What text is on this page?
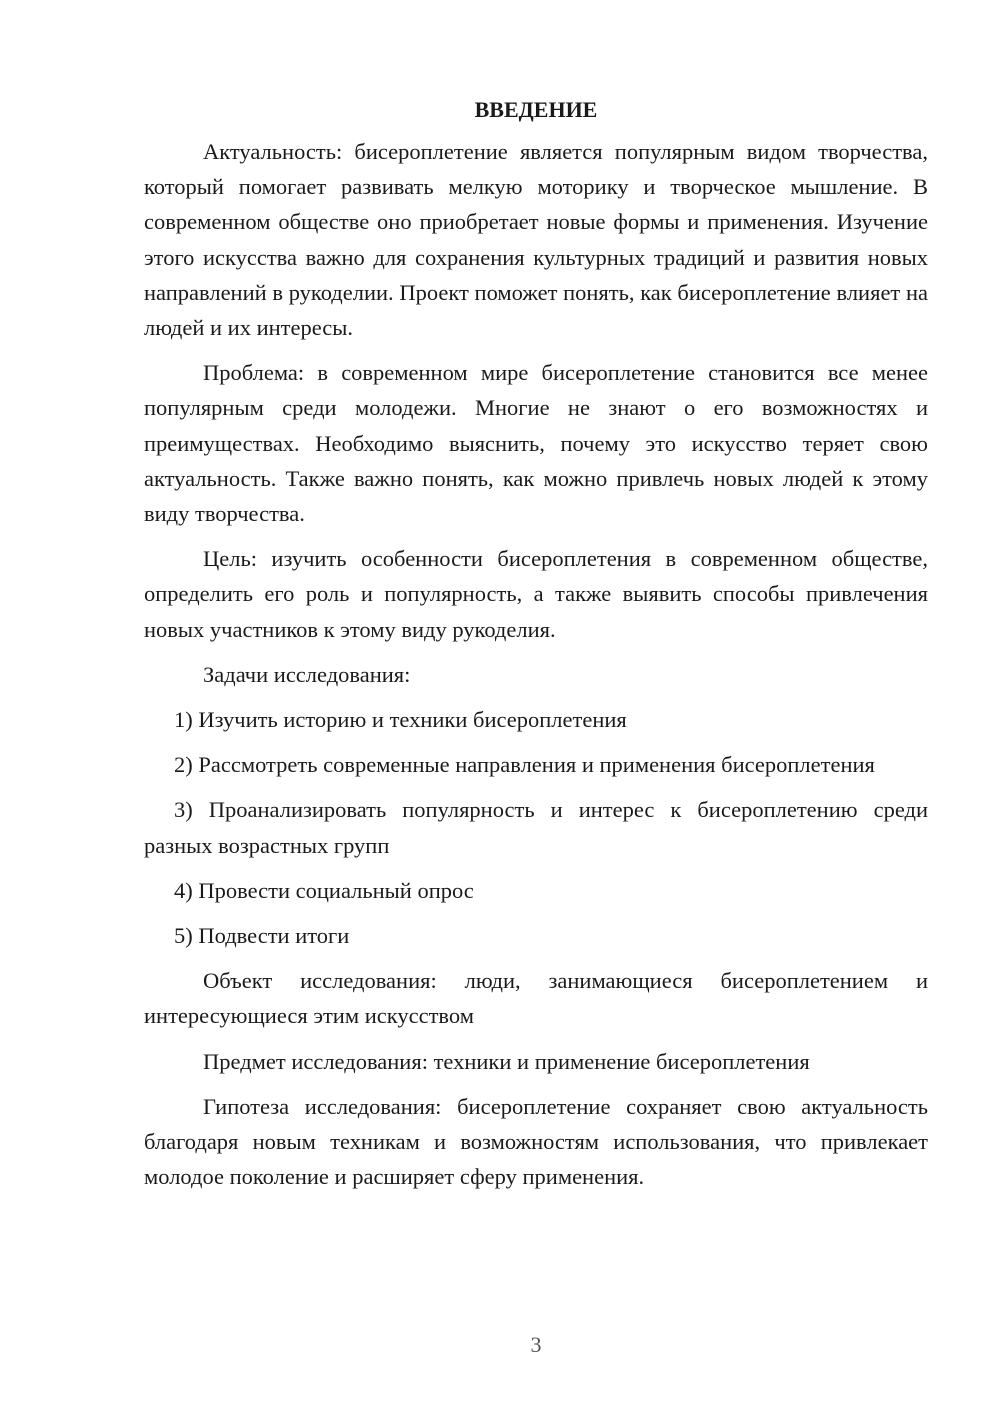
ВВЕДЕНИЕ

Актуальность: бисероплетение является популярным видом творчества, который помогает развивать мелкую моторику и творческое мышление. В современном обществе оно приобретает новые формы и применения. Изучение этого искусства важно для сохранения культурных традиций и развития новых направлений в рукоделии. Проект поможет понять, как бисероплетение влияет на людей и их интересы.

Проблема: в современном мире бисероплетение становится все менее популярным среди молодежи. Многие не знают о его возможностях и преимуществах. Необходимо выяснить, почему это искусство теряет свою актуальность. Также важно понять, как можно привлечь новых людей к этому виду творчества.

Цель: изучить особенности бисероплетения в современном обществе, определить его роль и популярность, а также выявить способы привлечения новых участников к этому виду рукоделия.

Задачи исследования:

1) Изучить историю и техники бисероплетения

2) Рассмотреть современные направления и применения бисероплетения

3) Проанализировать популярность и интерес к бисероплетению среди разных возрастных групп

4) Провести социальный опрос

5) Подвести итоги

Объект исследования: люди, занимающиеся бисероплетением и интересующиеся этим искусством

Предмет исследования: техники и применение бисероплетения

Гипотеза исследования: бисероплетение сохраняет свою актуальность благодаря новым техникам и возможностям использования, что привлекает молодое поколение и расширяет сферу применения.

3
